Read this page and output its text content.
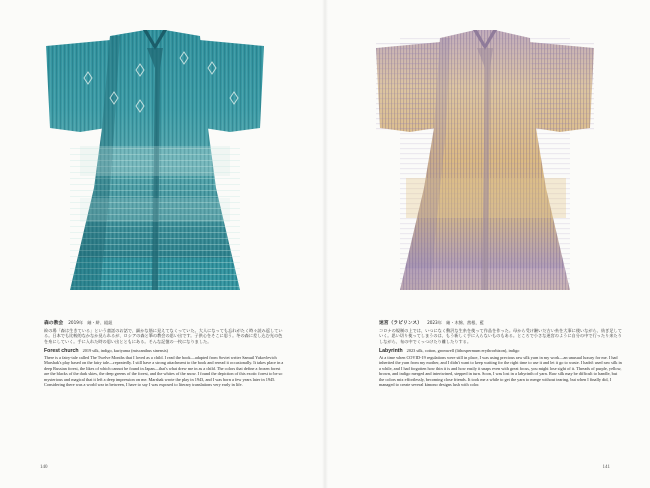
森の教会 2019年　紬・絣、組紐
絵の場「森は生きている」という童話のお話で、細かな筋に見えてなくっていた。大人になっても忘れがたく時々読み返している。日本でも比較的なかなか見られるが、ロシアの森と筆の教会の思い出です。子供心をそこに思う。冬の森に差し込む光の色を糸にしていく。手に入れた時の思い出とともにある。そんな記憶の一枚になりました。
Forest church 2019 silk, indigo, kuriyama (miscanthus sinensis)
There is a fairy-tale called The Twelve Months that I loved as a child. I read the book—adapted from Soviet writer Samuil Yakovlevich Marshak's play based on the fairy tale—repeatedly. I still have a strong attachment to the book and reread it occasionally. It takes place in a deep Russian forest, the likes of which cannot be found in Japan—that's what drew me in as a child. The colors that define a frozen forest are the blacks of the dark skies, the deep greens of the forest, and the whites of the snow. I found the depiction of this exotic forest to be so mysterious and magical that it left a deep impression on me. Marshak wrote the play in 1943, and I was born a few years later in 1945. Considering there was a world war in between, I have to say I was exposed to literary translations very early in life.
140
迷宮（ラビリンス） 2023年　紬・木綿、茜根、藍
コロナの規制の上では、いつになく贅沢な生糸を使って作品を作った。母から受け継いだ古い糸を大事に使いながら、紡ぎ足していく。思い切り使ってしまうのは、もう新しく手に入らないものもある。ところで小さな迷宮のように自分の中で行ったり来たりしながら、布の中でくっつけたり離したりする。
Labyrinth 2023 silk, cotton, gromwell (lithospermum erythrorhizon), indigo
At a time when COVID-19 regulations were still in place, I was using precious raw silk yarn in my work—an unusual luxury for me. I had inherited the yarn from my mother, and I didn't want to keep waiting for the right time to use it and let it go to waste. I hadn't used raw silk in a while, and I had forgotten how thin it is and how easily it snaps even with great focus, you might lose sight of it. Threads of purple, yellow, brown, and indigo merged and intertwined, stepped in turn. Soon, I was lost in a labyrinth of yarn. Raw silk may be difficult to handle, but the colors mix effortlessly, becoming close friends. It took me a while to get the yarn to merge without tearing, but when I finally did, I managed to create several kimono designs lush with color.
141
